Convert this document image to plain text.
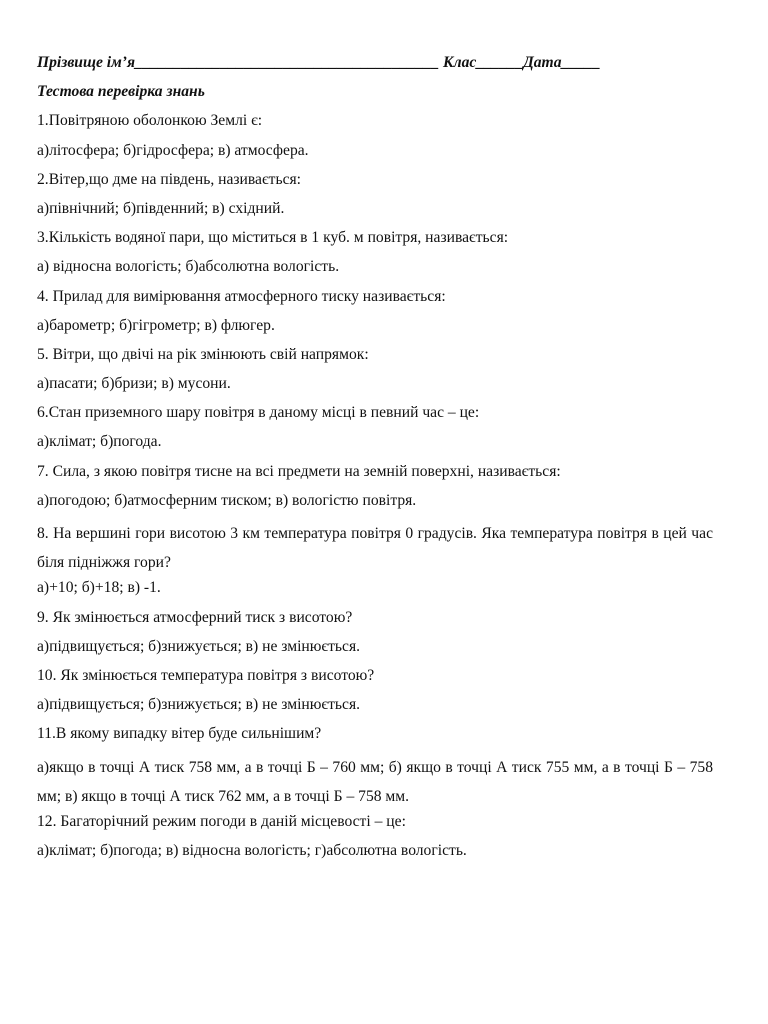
Прізвище ім’я_______________________________________ Клас______Дата_____
Тестова перевірка знань
1.Повітряною оболонкою Землі є:
а)літосфера; б)гідросфера; в) атмосфера.
2.Вітер,що дме на південь, називається:
а)північний; б)південний; в) східний.
3.Кількість водяної пари, що міститься в 1 куб. м повітря, називається:
а) відносна вологість; б)абсолютна вологість.
4. Прилад для вимірювання атмосферного тиску називається:
а)барометр; б)гігрометр; в) флюгер.
5. Вітри, що двічі на рік змінюють свій напрямок:
а)пасати; б)бризи; в) мусони.
6.Стан приземного шару повітря в даному місці в певний час – це:
а)клімат; б)погода.
7. Сила, з якою повітря тисне на всі предмети на земній поверхні, називається:
а)погодою; б)атмосферним тиском; в) вологістю повітря.
8. На вершині гори висотою 3 км температура повітря 0 градусів. Яка температура повітря в цей час біля підніжжя гори?
а)+10; б)+18; в) -1.
9. Як змінюється атмосферний тиск з висотою?
а)підвищується; б)знижується; в) не змінюється.
10. Як змінюється температура повітря з висотою?
а)підвищується; б)знижується; в) не змінюється.
11.В якому випадку вітер буде сильнішим?
а)якщо в точці А тиск 758 мм, а в точці Б – 760 мм; б) якщо в точці А тиск 755 мм, а в точці Б – 758 мм; в) якщо в точці А тиск 762 мм, а в точці Б – 758 мм.
12. Багаторічний режим погоди в даній місцевості – це:
а)клімат; б)погода; в) відносна вологість; г)абсолютна вологість.
